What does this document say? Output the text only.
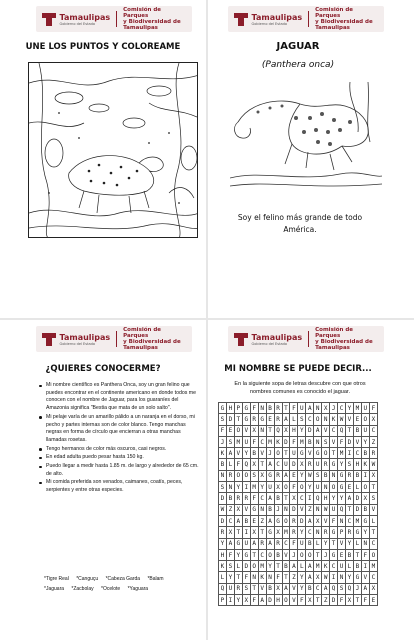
Tamaulipas
Gobierno del Estado
Comisión de Parques
y Biodiversidad de
Tamaulipas
UNE LOS PUNTOS Y COLOREAME
Tamaulipas
Gobierno del Estado
Comisión de Parques
y Biodiversidad de
Tamaulipas
JAGUAR
(Panthera onca)
Soy el felino más grande de todo América.
Tamaulipas
Gobierno del Estado
Comisión de Parques
y Biodiversidad de
Tamaulipas
¿QUIERES CONOCERME?
Mi nombre científico es Panthera Onca, soy un gran felino que puedes encontrar en el continente americano en donde todos me conocen con el nombre de Jaguar, para los guaraníes del Amazonia significa "Bestia que mata de un solo salto".
Mi pelaje varía de un amarillo pálido a un naranja en el dorso, mi pecho y partes internas son de color blanco. Tengo manchas negras en forma de círculo que encierran a otras manchas llamadas rosetas.
Tengo hermanos de color más oscuros, casi negros.
En edad adulta puedo pesar hasta 150 kg.
Puedo llegar a medir hasta 1.85 m. de largo y alrededor de 65 cm. de alto.
Mi comida preferida son venados, caimanes, coatís, peces, serpientes y entre otras especies.
*Tigre Real *Canguçu *Cabeza Garda *Balam
*Jaguara *Zacbolay *Ocelote *Yaguara
Tamaulipas
Gobierno del Estado
Comisión de Parques
y Biodiversidad de
Tamaulipas
MI NOMBRE SE PUEDE DECIR...
En la siguiente sopa de letras descubre con que otros nombres comunes es conocido el jaguar.
G	H	P	G	F	N	B	R	T	F	U	A	N	X	J	C	Y	M	U	F
S	D	T	G	R	G	E	R	A	L	S	C	O	N	K	W	V	E	O	X
F	E	O	V	X	N	T	Q	X	H	Y	D	A	V	C	Q	T	B	U	C
J	S	M	U	F	C	M	K	D	F	M	B	N	S	V	F	D	V	Y	Z
K	A	V	Y	B	V	J	O	T	U	G	V	G	O	T	M	I	C	B	R
B	L	F	Q	X	T	A	C	U	D	X	R	U	R	G	Y	S	H	K	W
N	R	O	O	S	X	G	R	A	E	Y	W	S	B	N	G	R	B	I	X
S	N	Y	I	M	Y	U	X	O	F	O	Y	U	N	O	G	E	L	O	T
D	B	R	R	F	C	A	B	T	X	C	I	Q	H	Y	Y	A	D	X	S
W	Z	X	V	G	N	B	J	N	D	V	Z	N	W	U	Q	T	D	B	V
D	C	A	B	E	Z	A	G	O	R	D	A	X	V	F	N	C	M	G	L
R	X	T	I	X	T	G	X	M	R	Y	C	N	R	G	P	R	G	Y	T
Y	A	G	U	A	R	A	R	C	F	U	B	L	Y	T	V	Y	L	N	C
H	F	Y	G	T	C	O	B	V	J	O	O	T	J	G	E	B	T	F	O
K	S	L	D	O	M	Y	T	B	A	L	A	M	K	C	U	L	B	I	M
L	Y	T	F	N	K	N	F	T	Z	Y	A	X	W	I	N	Y	G	V	C
Q	U	R	S	T	V	B	X	A	V	Y	B	C	A	Q	S	Q	J	A	X
P	I	Y	X	F	A	D	H	O	V	F	X	T	Z	D	F	X	T	F	E
